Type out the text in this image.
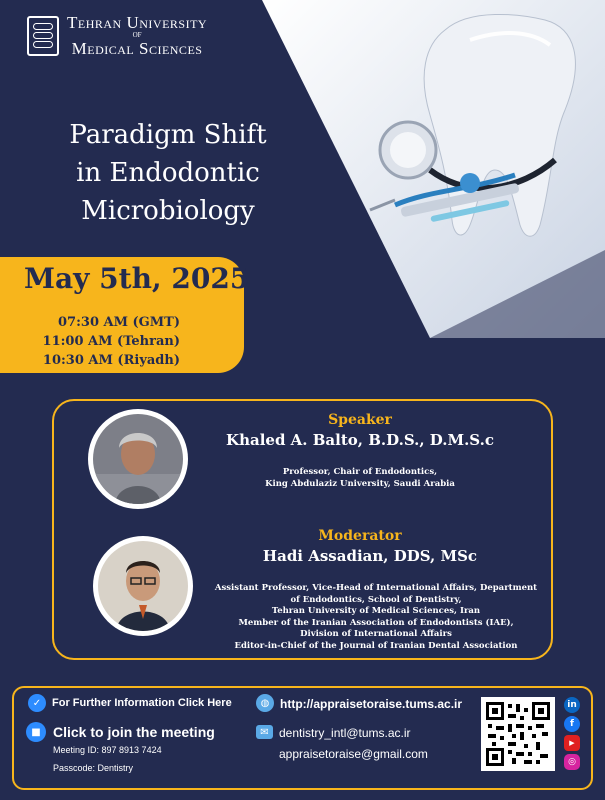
Tehran University
OF
Medical Sciences
Paradigm Shift
in Endodontic
Microbiology
May 5th, 2025
07:30 AM (GMT)
11:00 AM (Tehran)
10:30 AM (Riyadh)
Speaker
Khaled A. Balto, B.D.S., D.M.S.c
Professor, Chair of Endodontics,
King Abdulaziz University, Saudi Arabia
Moderator
Hadi Assadian, DDS, MSc
Assistant Professor, Vice-Head of International Affairs, Department
of Endodontics, School of Dentistry,
Tehran University of Medical Sciences, Iran
Member of the Iranian Association of Endodontists (IAE),
Division of International Affairs
Editor-in-Chief of the Journal of Iranian Dental Association
✓ For Further Information Click Here	◍ http://appraisetoraise.tums.ac.ir
■ Click to join the meeting
Meeting ID: 897 8913 7424
Passcode: Dentistry
✉ dentistry_intl@tums.ac.ir
appraisetoraise@gmail.com
in
f
▶
◎
